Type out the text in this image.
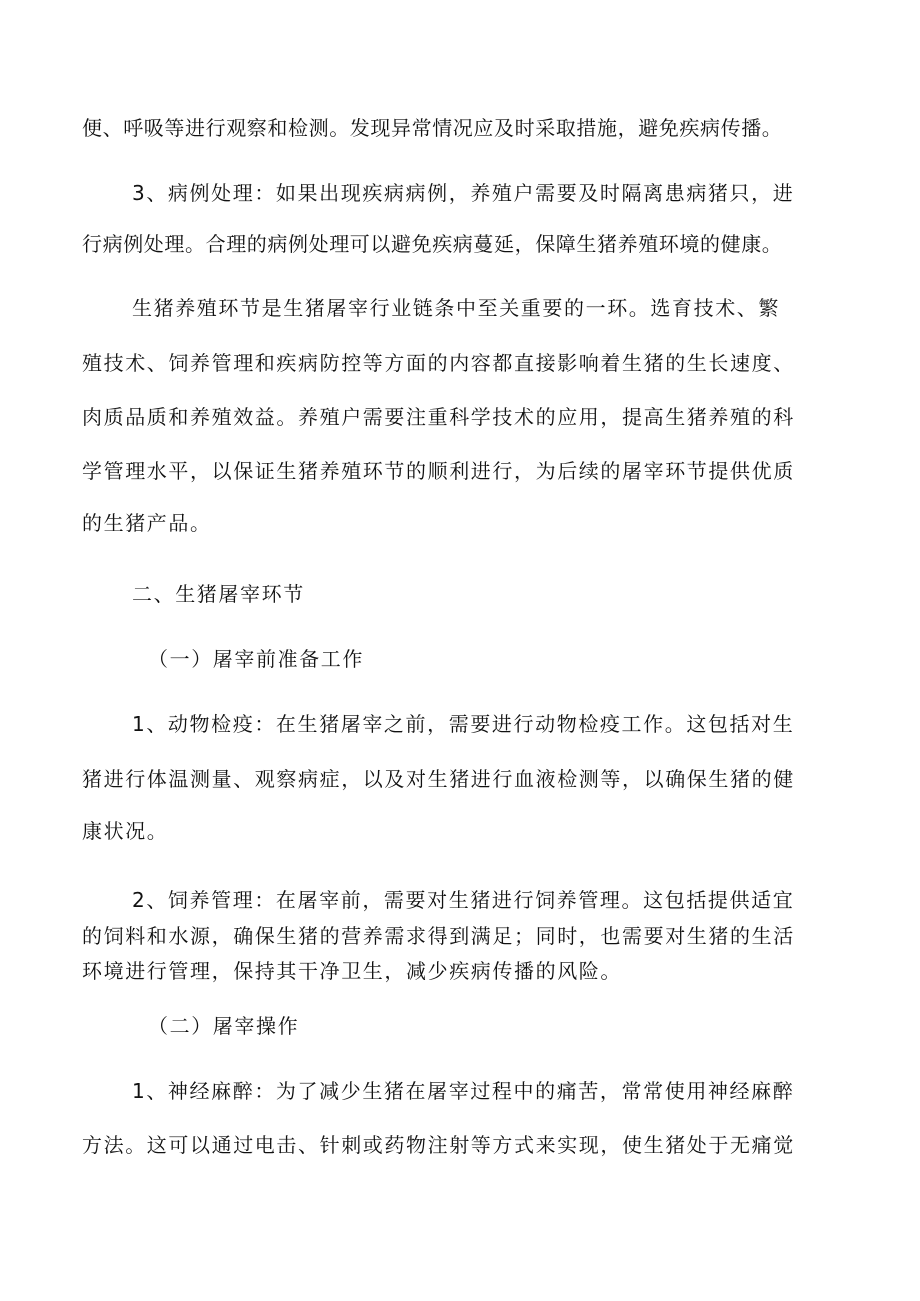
便、呼吸等进行观察和检测。发现异常情况应及时采取措施，避免疾病传播。
3、病例处理：如果出现疾病病例，养殖户需要及时隔离患病猪只，进
行病例处理。合理的病例处理可以避免疾病蔓延，保障生猪养殖环境的健康。
生猪养殖环节是生猪屠宰行业链条中至关重要的一环。选育技术、繁
殖技术、饲养管理和疾病防控等方面的内容都直接影响着生猪的生长速度、
肉质品质和养殖效益。养殖户需要注重科学技术的应用，提高生猪养殖的科
学管理水平，以保证生猪养殖环节的顺利进行，为后续的屠宰环节提供优质
的生猪产品。
二、生猪屠宰环节
（一）屠宰前准备工作
1、动物检疫：在生猪屠宰之前，需要进行动物检疫工作。这包括对生
猪进行体温测量、观察病症，以及对生猪进行血液检测等，以确保生猪的健
康状况。
2、饲养管理：在屠宰前，需要对生猪进行饲养管理。这包括提供适宜
的饲料和水源，确保生猪的营养需求得到满足；同时，也需要对生猪的生活
环境进行管理，保持其干净卫生，减少疾病传播的风险。
（二）屠宰操作
1、神经麻醉：为了减少生猪在屠宰过程中的痛苦，常常使用神经麻醉
方法。这可以通过电击、针刺或药物注射等方式来实现，使生猪处于无痛觉
